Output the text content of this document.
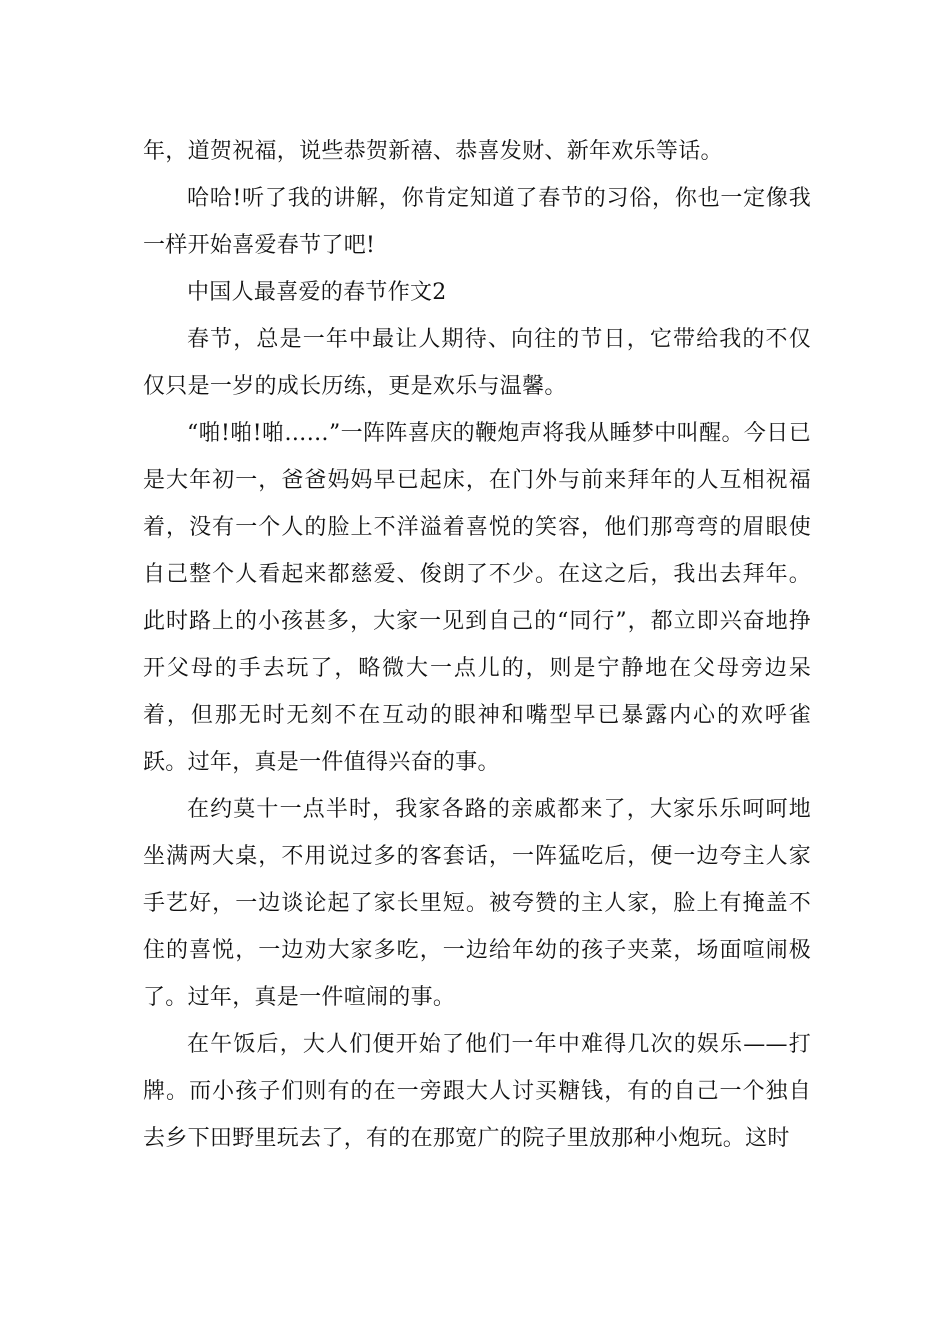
年，道贺祝福，说些恭贺新禧、恭喜发财、新年欢乐等话。

哈哈!听了我的讲解，你肯定知道了春节的习俗，你也一定像我一样开始喜爱春节了吧!

中国人最喜爱的春节作文2

春节，总是一年中最让人期待、向往的节日，它带给我的不仅仅只是一岁的成长历练，更是欢乐与温馨。

“啪!啪!啪……”一阵阵喜庆的鞭炮声将我从睡梦中叫醒。今日已是大年初一，爸爸妈妈早已起床，在门外与前来拜年的人互相祝福着，没有一个人的脸上不洋溢着喜悦的笑容，他们那弯弯的眉眼使自己整个人看起来都慈爱、俊朗了不少。在这之后，我出去拜年。此时路上的小孩甚多，大家一见到自己的“同行”，都立即兴奋地挣开父母的手去玩了，略微大一点儿的，则是宁静地在父母旁边呆着，但那无时无刻不在互动的眼神和嘴型早已暴露内心的欢呼雀跃。过年，真是一件值得兴奋的事。

在约莫十一点半时，我家各路的亲戚都来了，大家乐乐呵呵地坐满两大桌，不用说过多的客套话，一阵猛吃后，便一边夸主人家手艺好，一边谈论起了家长里短。被夸赞的主人家，脸上有掩盖不住的喜悦，一边劝大家多吃，一边给年幼的孩子夹菜，场面喧闹极了。过年，真是一件喧闹的事。

在午饭后，大人们便开始了他们一年中难得几次的娱乐——打牌。而小孩子们则有的在一旁跟大人讨买糖钱，有的自己一个独自去乡下田野里玩去了，有的在那宽广的院子里放那种小炮玩。这时
